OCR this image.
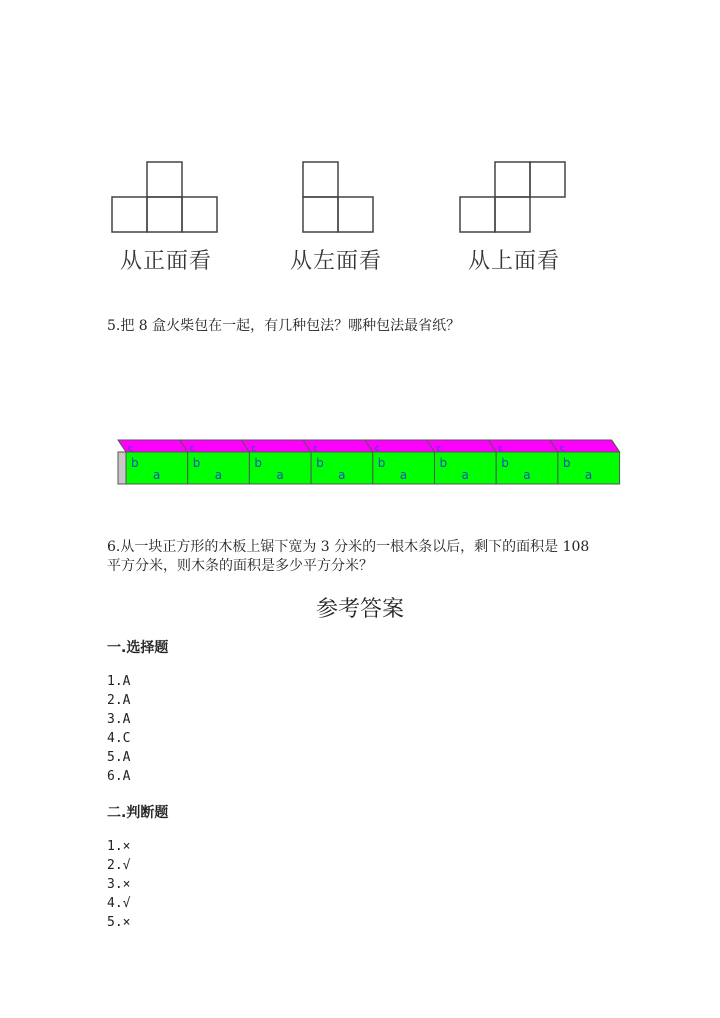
从正面看	从左面看	从上面看
5.把 8 盒火柴包在一起，有几种包法？哪种包法最省纸？
c
b
a
c
b
a
c
b
a
c
b
a
c
b
a
c
b
a
c
b
a
c
b
a
6.从一块正方形的木板上锯下宽为 3 分米的一根木条以后，剩下的面积是 108
平方分米，则木条的面积是多少平方分米？
参考答案
一.选择题
1.A
2.A
3.A
4.C
5.A
6.A
二.判断题
1.×
2.√
3.×
4.√
5.×
